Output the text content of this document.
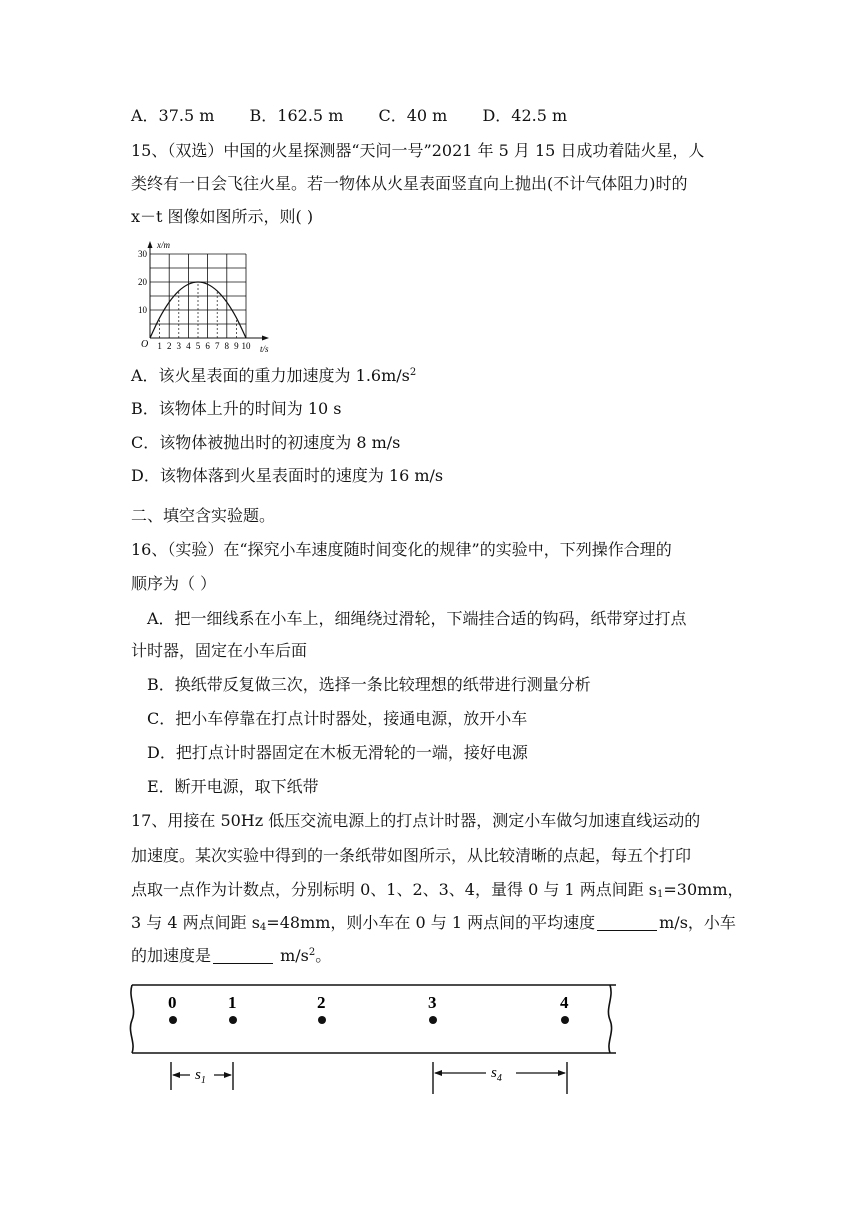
A．37.5 m B．162.5 m C．40 m D．42.5 m
15、（双选）中国的火星探测器“天问一号”2021 年 5 月 15 日成功着陆火星，人
类终有一日会飞往火星。若一物体从火星表面竖直向上抛出(不计气体阻力)时的
x－t 图像如图所示，则( )
1 2 3 4 5 6 7 8 9 10
10
20
30
x/m
t/s
O
A．该火星表面的重力加速度为 $1.6m/s^2$
B．该物体上升的时间为 10 s
C．该物体被抛出时的初速度为 8 m/s
D．该物体落到火星表面时的速度为 16 m/s
二、填空含实验题。
16、（实验）在“探究小车速度随时间变化的规律”的实验中，下列操作合理的
顺序为（ ）
A．把一细线系在小车上，细绳绕过滑轮，下端挂合适的钩码，纸带穿过打点
计时器，固定在小车后面
B．换纸带反复做三次，选择一条比较理想的纸带进行测量分析
C．把小车停靠在打点计时器处，接通电源，放开小车
D．把打点计时器固定在木板无滑轮的一端，接好电源
E．断开电源，取下纸带
17、用接在 50Hz 低压交流电源上的打点计时器，测定小车做匀加速直线运动的
加速度。某次实验中得到的一条纸带如图所示，从比较清晰的点起，每五个打印
点取一点作为计数点，分别标明 0、1、2、3、4，量得 0 与 1 两点间距 $s_1=30mm$，
3 与 4 两点间距 $s_4=48mm$，则小车在 0 与 1 两点间的平均速度	m/s，小车
的加速度是	$m/s^2$。
0	1	2	3	4
$s_1$	$s_4$
